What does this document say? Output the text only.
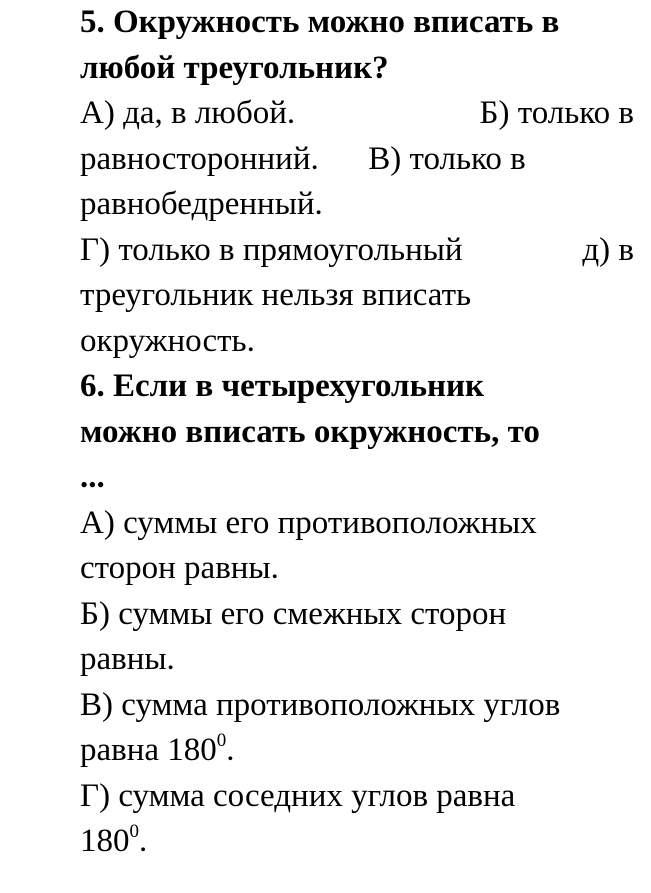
5. Окружность можно вписать в
любой треугольник?
А) да, в любой.	Б) только в
равносторонний. В) только в
равнобедренный.
Г) только в прямоугольный	д) в
треугольник нельзя вписать
окружность.
6. Если в четырехугольник
можно вписать окружность, то
...
А) суммы его противоположных
сторон равны.
Б) суммы его смежных сторон
равны.
В) сумма противоположных углов
равна $180^0$.
Г) сумма соседних углов равна
$180^0$.
